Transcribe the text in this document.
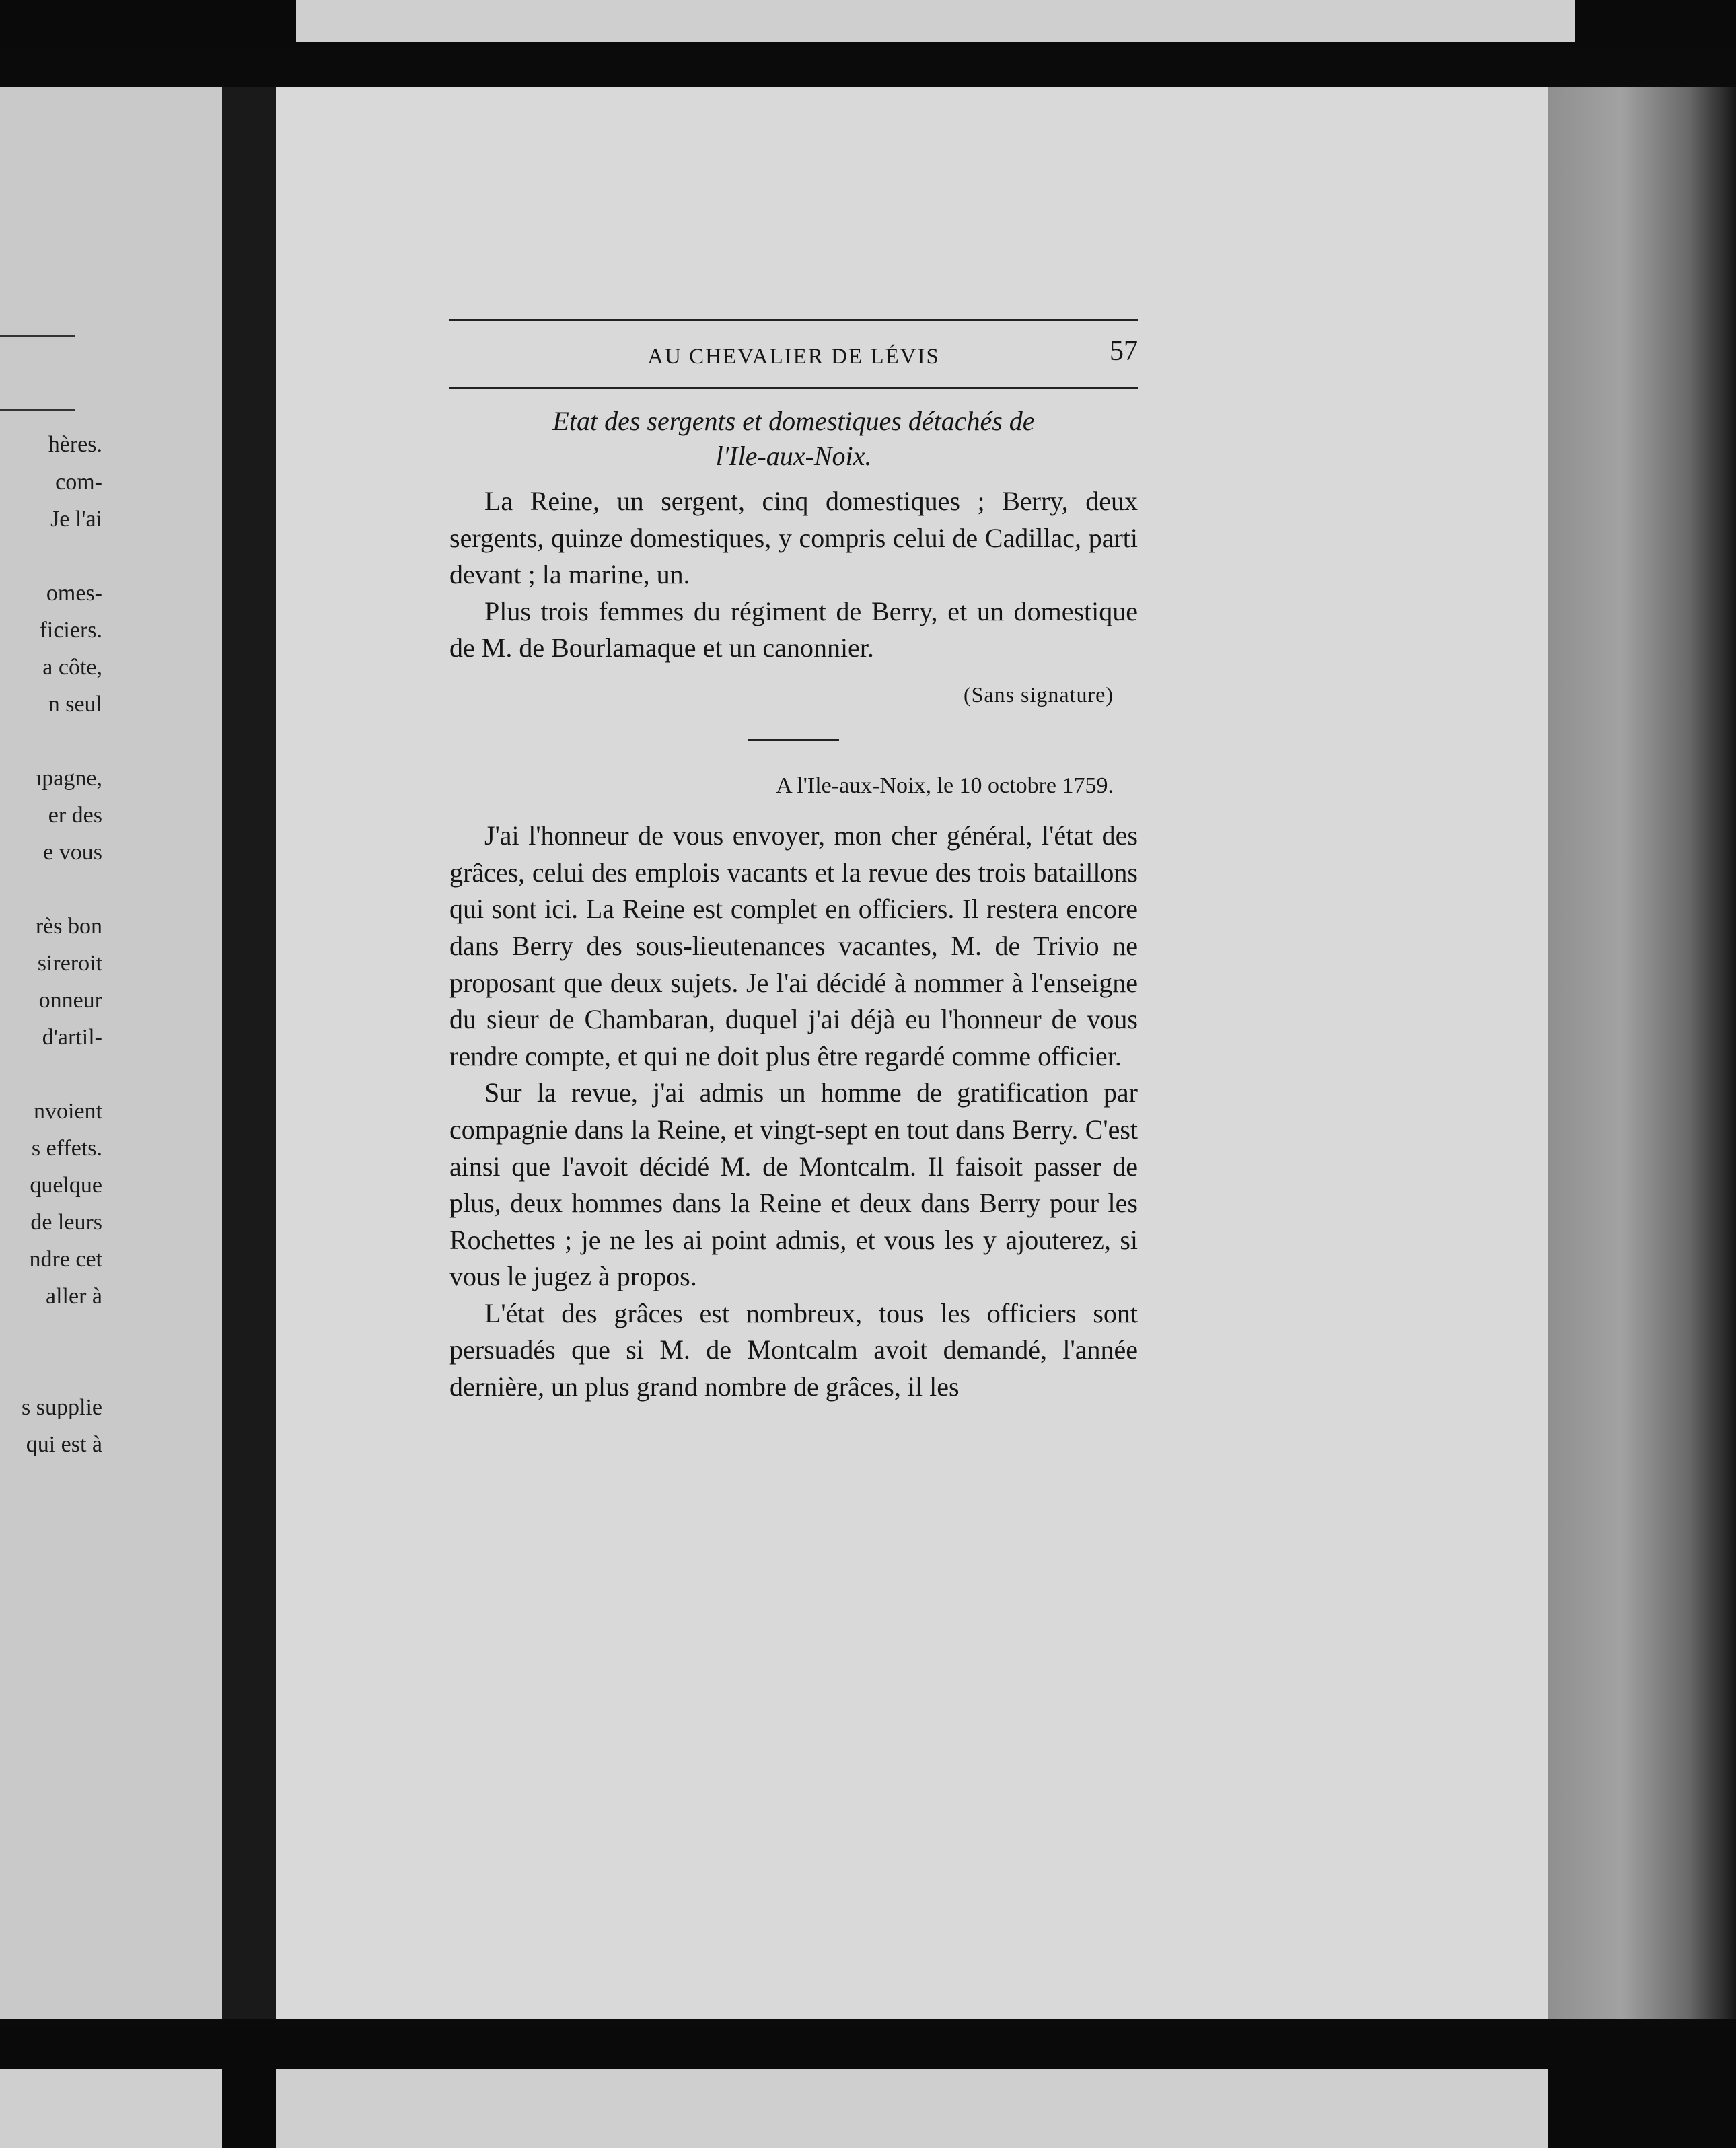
hères.
com-
Je l'ai
omes-
ficiers.
a côte,
n seul
ıpagne,
er des
e vous
rès bon
sireroit
onneur
d'artil-
nvoient
s effets.
quelque
de leurs
ndre cet
aller à
s supplie
qui est à
AU CHEVALIER DE LÉVIS	57
Etat des sergents et domestiques détachés de
l'Ile-aux-Noix.

La Reine, un sergent, cinq domestiques ; Berry, deux sergents, quinze domestiques, y compris celui de Cadillac, parti devant ; la marine, un.

Plus trois femmes du régiment de Berry, et un domestique de M. de Bourlamaque et un canonnier.

(Sans signature)
A l'Ile-aux-Noix, le 10 octobre 1759.

J'ai l'honneur de vous envoyer, mon cher général, l'état des grâces, celui des emplois vacants et la revue des trois bataillons qui sont ici. La Reine est complet en officiers. Il restera encore dans Berry des sous-lieutenances vacantes, M. de Trivio ne proposant que deux sujets. Je l'ai décidé à nommer à l'enseigne du sieur de Chambaran, duquel j'ai déjà eu l'honneur de vous rendre compte, et qui ne doit plus être regardé comme officier.

Sur la revue, j'ai admis un homme de gratification par compagnie dans la Reine, et vingt-sept en tout dans Berry. C'est ainsi que l'avoit décidé M. de Montcalm. Il faisoit passer de plus, deux hommes dans la Reine et deux dans Berry pour les Rochettes ; je ne les ai point admis, et vous les y ajouterez, si vous le jugez à propos.

L'état des grâces est nombreux, tous les officiers sont persuadés que si M. de Montcalm avoit demandé, l'année dernière, un plus grand nombre de grâces, il les
